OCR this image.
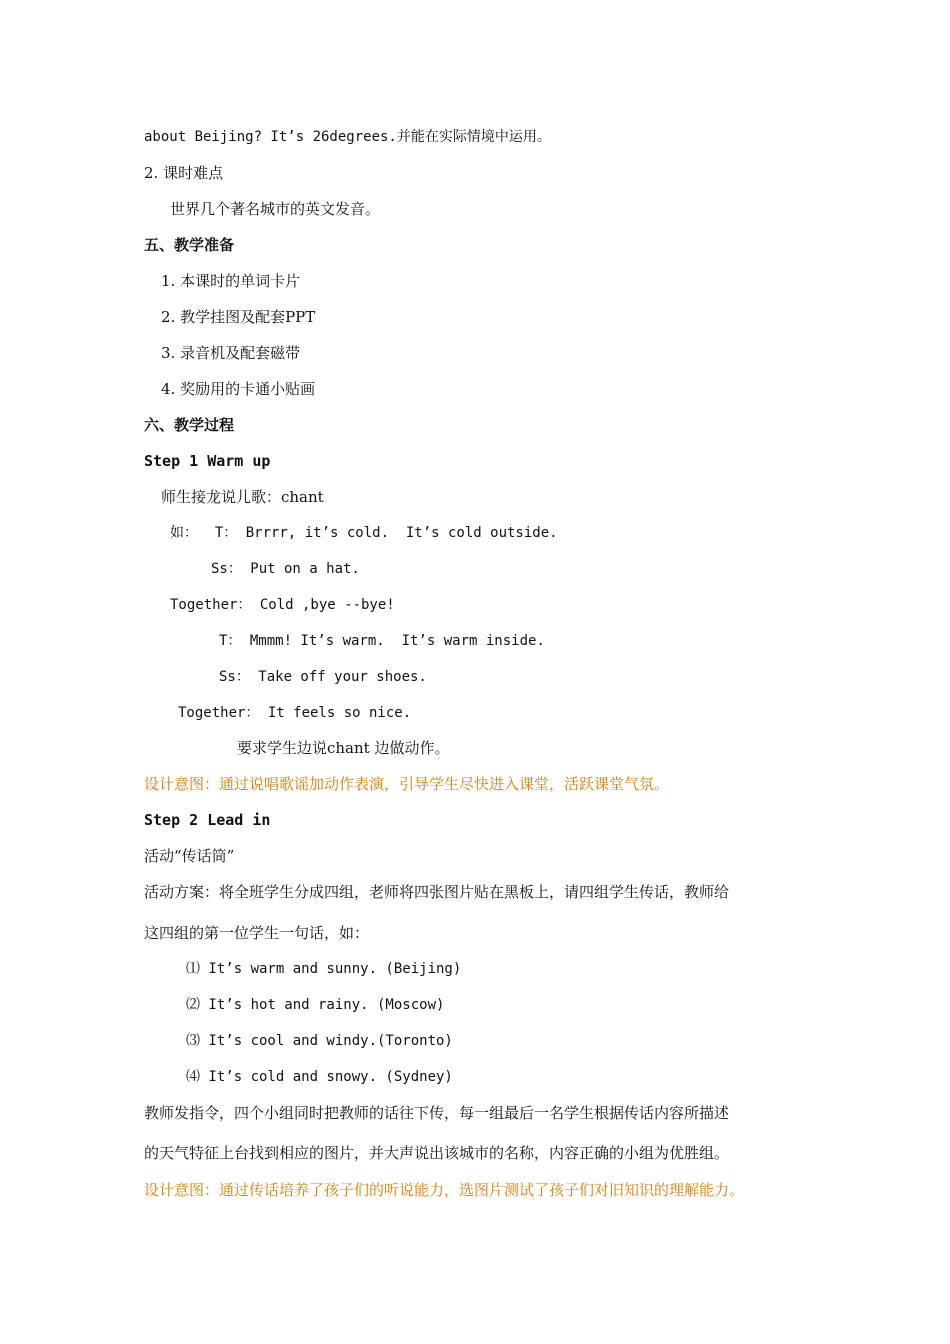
about Beijing? It’s 26degrees.并能在实际情境中运用。
2. 课时难点
世界几个著名城市的英文发音。
五、教学准备
1. 本课时的单词卡片
2. 教学挂图及配套PPT
3. 录音机及配套磁带
4. 奖励用的卡通小贴画
六、教学过程
Step 1 Warm up
师生接龙说儿歌：chant
如：  T： Brrrr, it’s cold.  It’s cold outside.
Ss： Put on a hat.
Together： Cold ,bye --bye!
T： Mmmm! It’s warm.  It’s warm inside.
Ss： Take off your shoes.
Together： It feels so nice.
要求学生边说chant 边做动作。
设计意图：通过说唱歌谣加动作表演，引导学生尽快进入课堂，活跃课堂气氛。
Step 2 Lead in
活动“传话筒”
活动方案：将全班学生分成四组，老师将四张图片贴在黑板上，请四组学生传话，教师给
这四组的第一位学生一句话，如：
⑴ It’s warm and sunny. (Beijing)
⑵ It’s hot and rainy. (Moscow)
⑶ It’s cool and windy.(Toronto)
⑷ It’s cold and snowy. (Sydney)
教师发指令，四个小组同时把教师的话往下传，每一组最后一名学生根据传话内容所描述
的天气特征上台找到相应的图片，并大声说出该城市的名称，内容正确的小组为优胜组。
设计意图：通过传话培养了孩子们的听说能力，选图片测试了孩子们对旧知识的理解能力。
